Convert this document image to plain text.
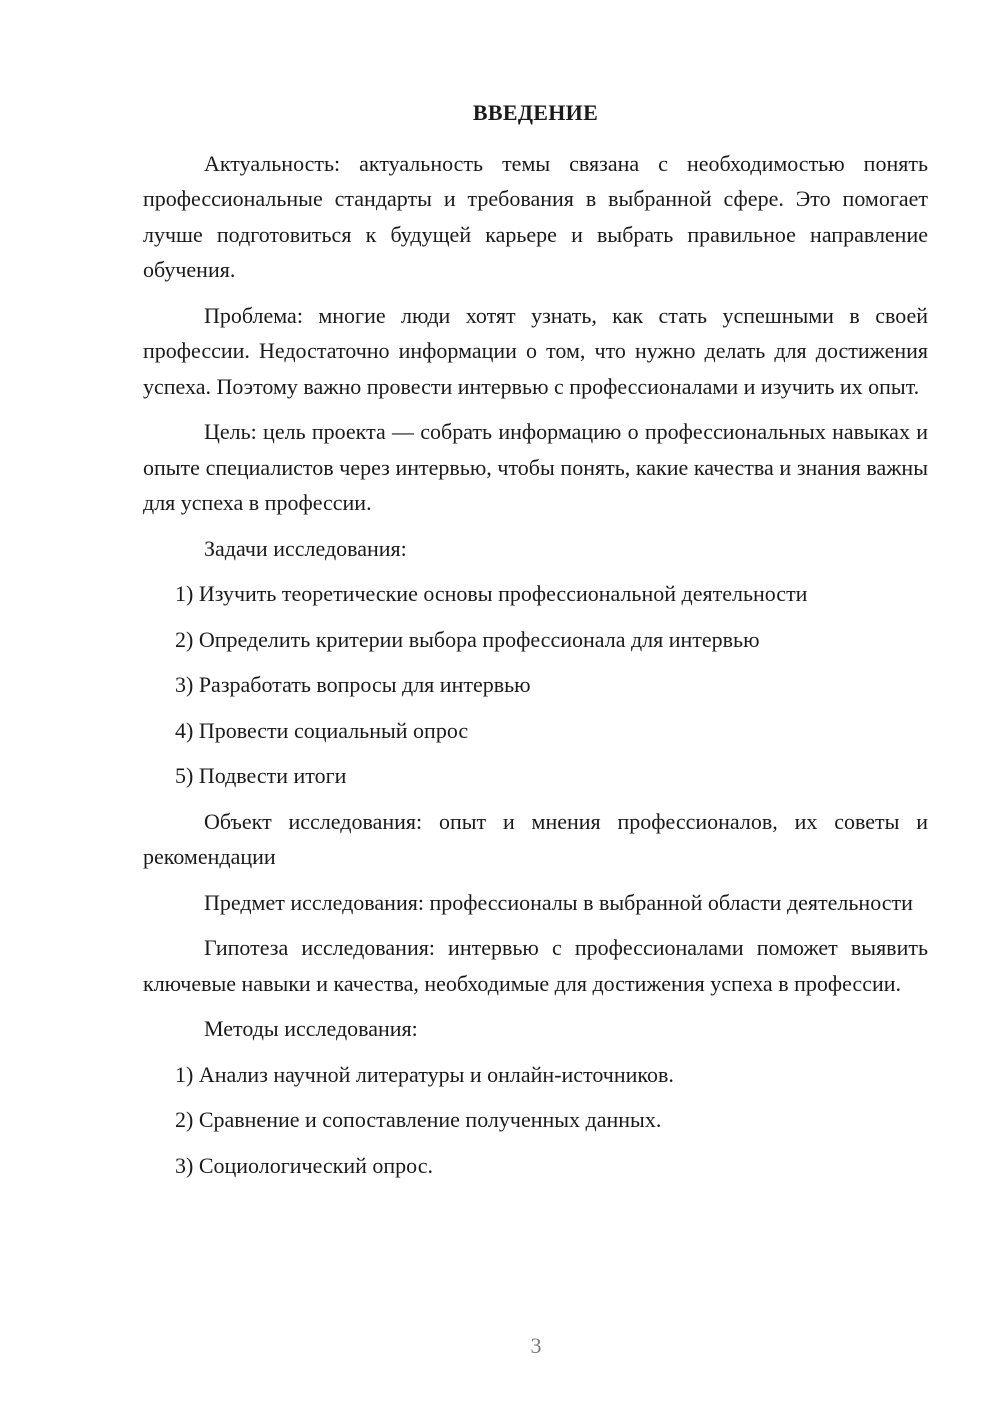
ВВЕДЕНИЕ

Актуальность: актуальность темы связана с необходимостью понять профессиональные стандарты и требования в выбранной сфере. Это помогает лучше подготовиться к будущей карьере и выбрать правильное направление обучения.

Проблема: многие люди хотят узнать, как стать успешными в своей профессии. Недостаточно информации о том, что нужно делать для достижения успеха. Поэтому важно провести интервью с профессионалами и изучить их опыт.

Цель: цель проекта — собрать информацию о профессиональных навыках и опыте специалистов через интервью, чтобы понять, какие качества и знания важны для успеха в профессии.

Задачи исследования:

1) Изучить теоретические основы профессиональной деятельности
2) Определить критерии выбора профессионала для интервью
3) Разработать вопросы для интервью
4) Провести социальный опрос
5) Подвести итоги

Объект исследования: опыт и мнения профессионалов, их советы и рекомендации

Предмет исследования: профессионалы в выбранной области деятельности

Гипотеза исследования: интервью с профессионалами поможет выявить ключевые навыки и качества, необходимые для достижения успеха в профессии.

Методы исследования:

1) Анализ научной литературы и онлайн-источников.
2) Сравнение и сопоставление полученных данных.
3) Социологический опрос.
3
